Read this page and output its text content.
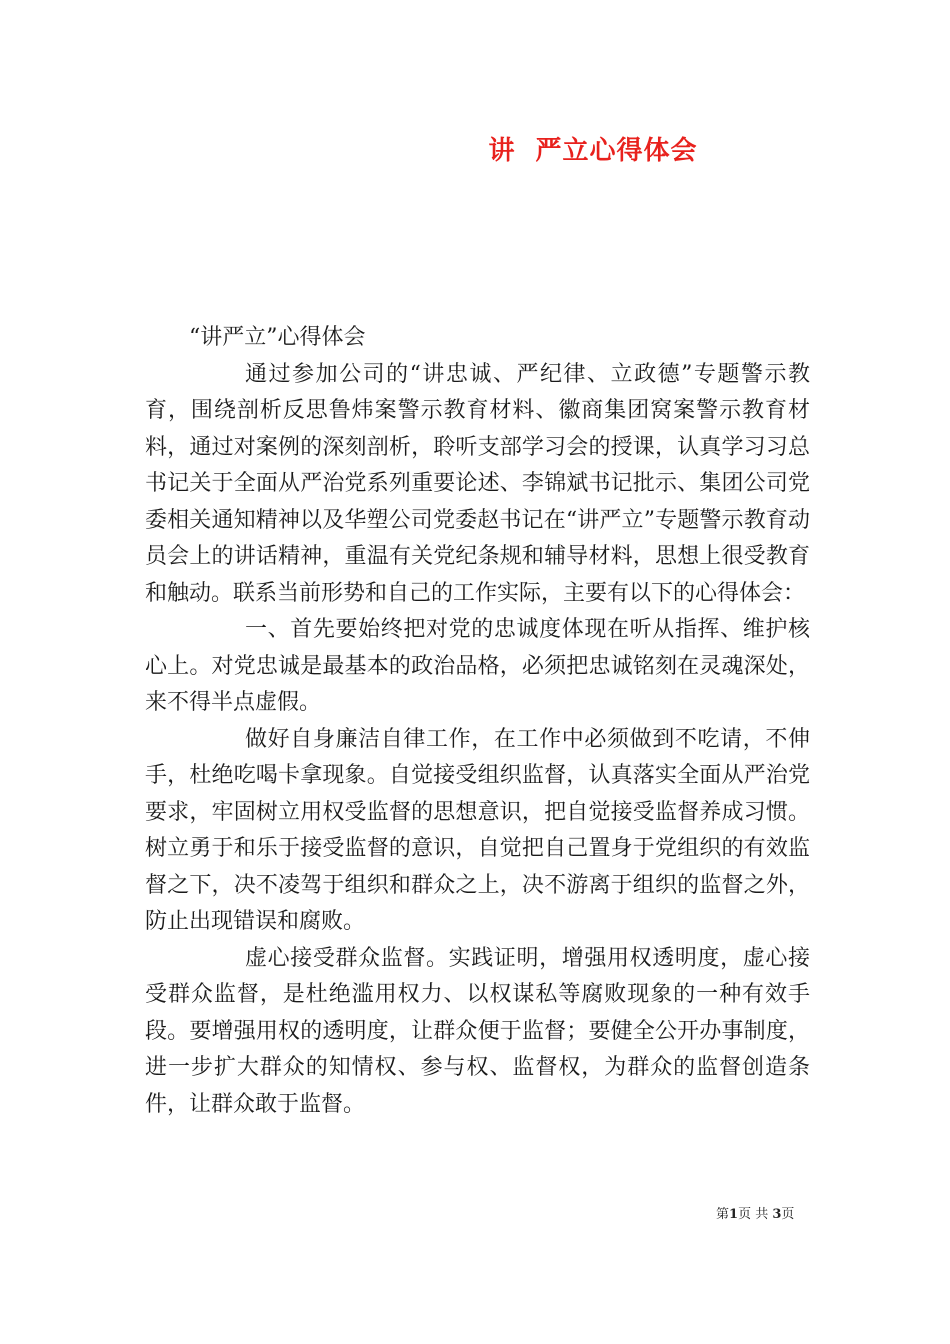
讲  严立心得体会

“讲严立”心得体会

通过参加公司的“讲忠诚、严纪律、立政德”专题警示教育，围绕剖析反思鲁炜案警示教育材料、徽商集团窝案警示教育材料，通过对案例的深刻剖析，聆听支部学习会的授课，认真学习习总书记关于全面从严治党系列重要论述、李锦斌书记批示、集团公司党委相关通知精神以及华塑公司党委赵书记在“讲严立”专题警示教育动员会上的讲话精神，重温有关党纪条规和辅导材料，思想上很受教育和触动。联系当前形势和自己的工作实际，主要有以下的心得体会：

一、首先要始终把对党的忠诚度体现在听从指挥、维护核心上。对党忠诚是最基本的政治品格，必须把忠诚铭刻在灵魂深处，来不得半点虚假。

做好自身廉洁自律工作，在工作中必须做到不吃请，不伸手，杜绝吃喝卡拿现象。自觉接受组织监督，认真落实全面从严治党要求，牢固树立用权受监督的思想意识，把自觉接受监督养成习惯。树立勇于和乐于接受监督的意识，自觉把自己置身于党组织的有效监督之下，决不凌驾于组织和群众之上，决不游离于组织的监督之外，防止出现错误和腐败。

虚心接受群众监督。实践证明，增强用权透明度，虚心接受群众监督，是杜绝滥用权力、以权谋私等腐败现象的一种有效手段。要增强用权的透明度，让群众便于监督；要健全公开办事制度，进一步扩大群众的知情权、参与权、监督权，为群众的监督创造条件，让群众敢于监督。

第1页 共 3页
